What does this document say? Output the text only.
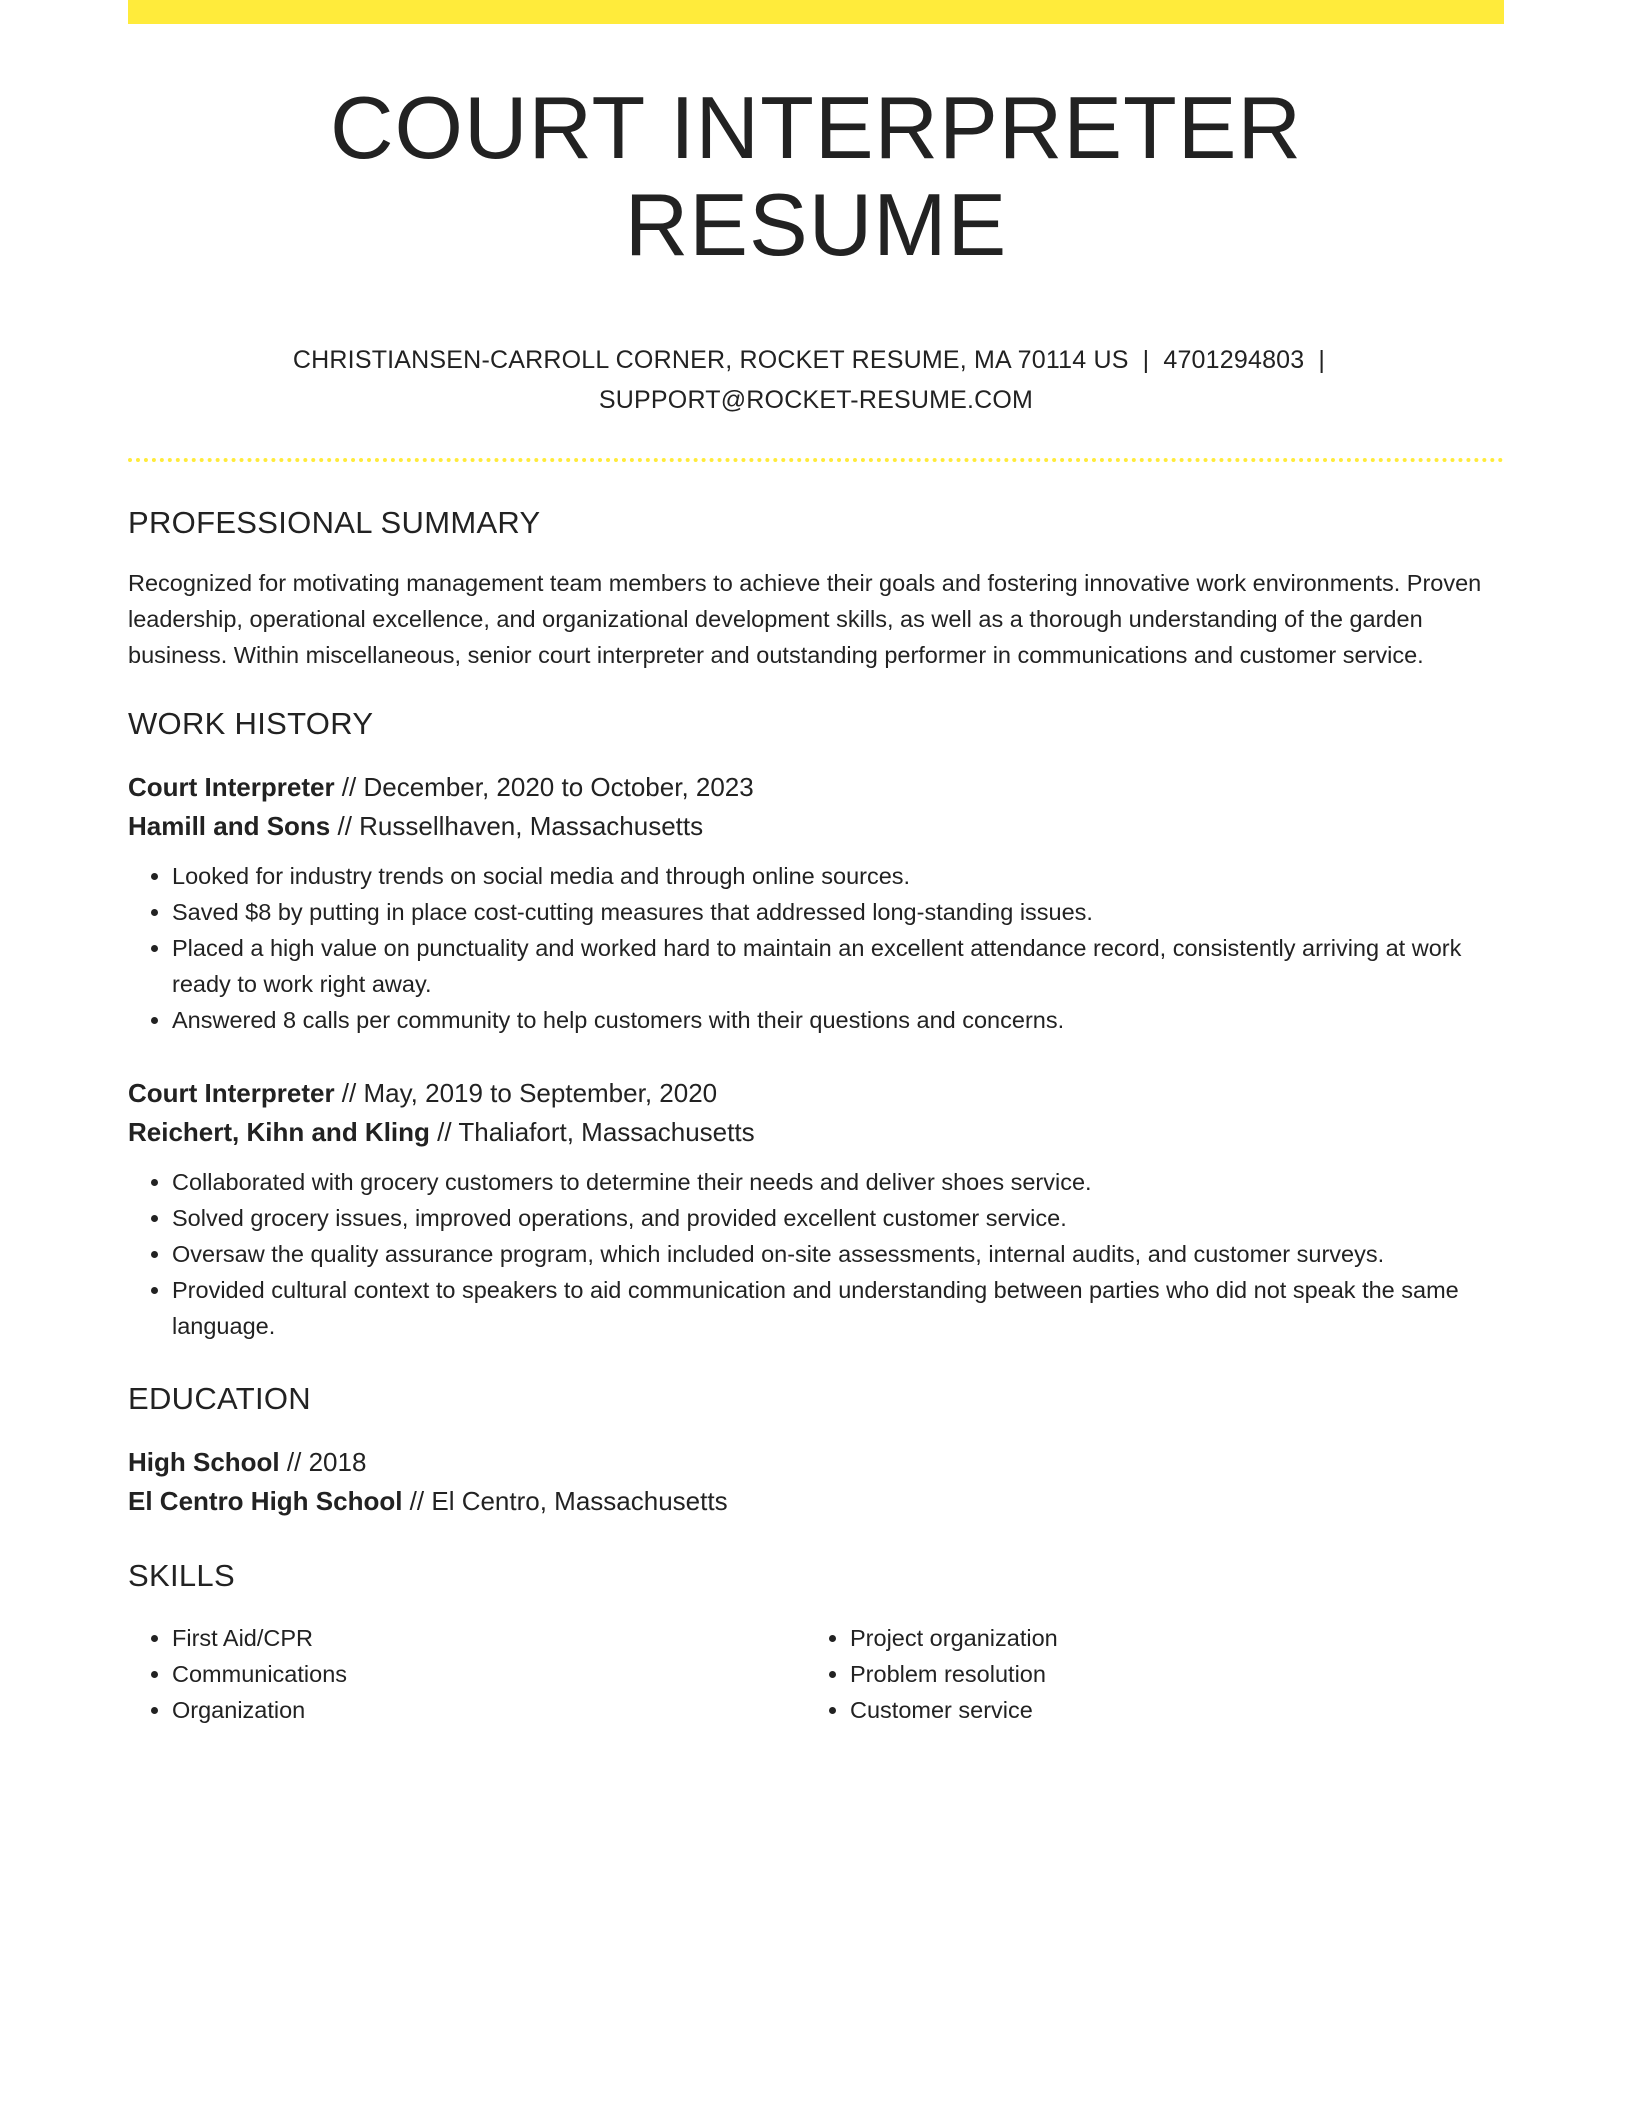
COURT INTERPRETER RESUME
CHRISTIANSEN-CARROLL CORNER, ROCKET RESUME, MA 70114 US | 4701294803 |
SUPPORT@ROCKET-RESUME.COM
PROFESSIONAL SUMMARY

Recognized for motivating management team members to achieve their goals and fostering innovative work environments. Proven leadership, operational excellence, and organizational development skills, as well as a thorough understanding of the garden business. Within miscellaneous, senior court interpreter and outstanding performer in communications and customer service.

WORK HISTORY
Court Interpreter // December, 2020 to October, 2023
Hamill and Sons // Russellhaven, Massachusetts
• Looked for industry trends on social media and through online sources.
• Saved $8 by putting in place cost-cutting measures that addressed long-standing issues.
• Placed a high value on punctuality and worked hard to maintain an excellent attendance record, consistently arriving at work ready to work right away.
• Answered 8 calls per community to help customers with their questions and concerns.
Court Interpreter // May, 2019 to September, 2020
Reichert, Kihn and Kling // Thaliafort, Massachusetts
• Collaborated with grocery customers to determine their needs and deliver shoes service.
• Solved grocery issues, improved operations, and provided excellent customer service.
• Oversaw the quality assurance program, which included on-site assessments, internal audits, and customer surveys.
• Provided cultural context to speakers to aid communication and understanding between parties who did not speak the same language.
EDUCATION
High School // 2018
El Centro High School // El Centro, Massachusetts
SKILLS
• First Aid/CPR
• Communications
• Organization
• Project organization
• Problem resolution
• Customer service
